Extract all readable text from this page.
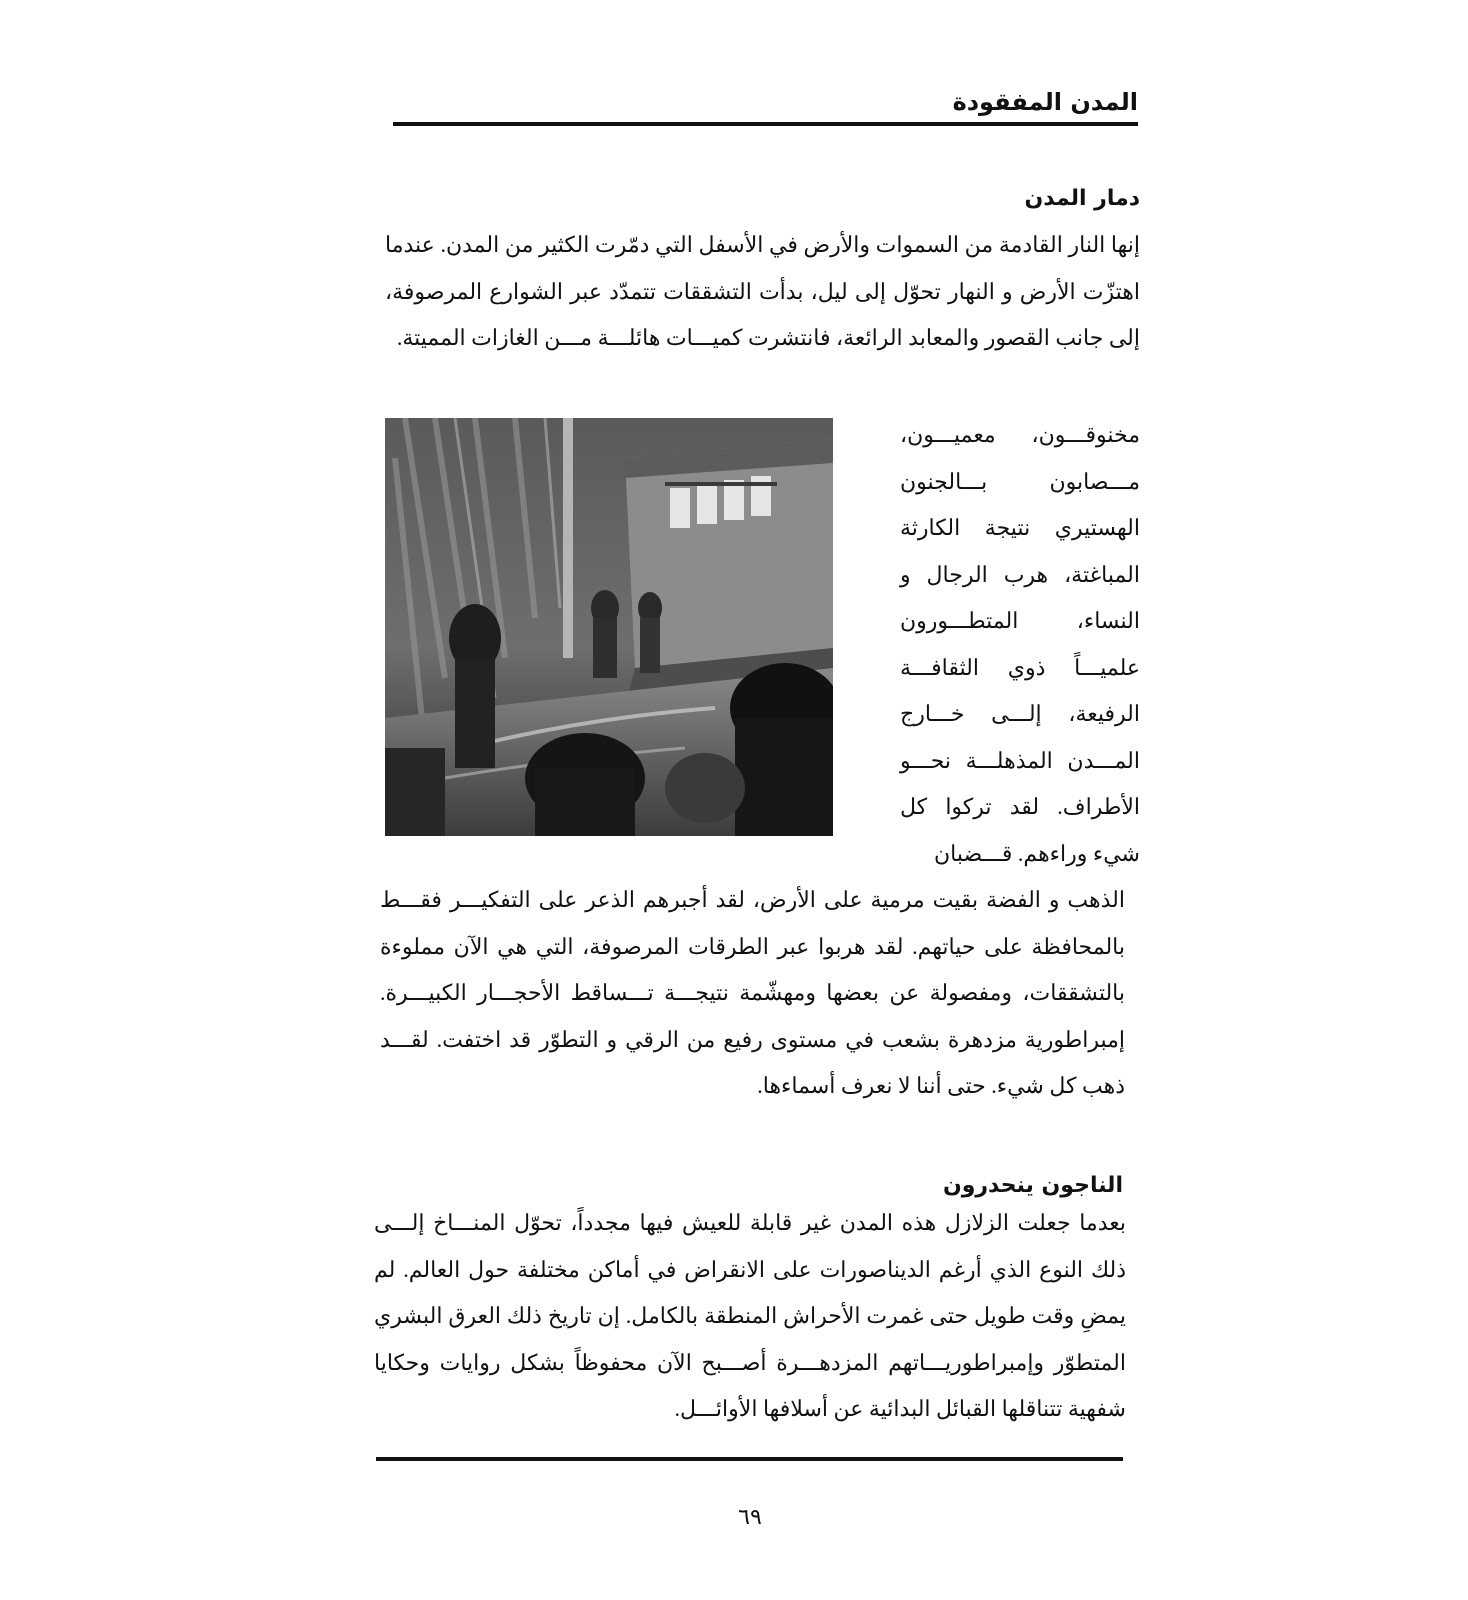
المدن المفقودة
دمار المدن

إنها النار القادمة من السموات والأرض في الأسفل التي دمّرت الكثير من المدن. عندما اهتزّت الأرض و النهار تحوّل إلى ليل، بدأت التشققات تتمدّد عبر الشوارع المرصوفة، إلى جانب القصور والمعابد الرائعة، فانتشرت كميـــات هائلـــة مـــن الغازات المميتة.

مخنوقـــون، معميـــون، مـــصابون بـــالجنون الهستيري نتيجة الكارثة المباغتة، هرب الرجال و النساء، المتطـــورون علميـــاً ذوي الثقافـــة الرفيعة، إلـــى خـــارج المـــدن المذهلـــة نحـــو الأطراف. لقد تركوا كل شيء وراءهم. قـــضبان

الذهب و الفضة بقيت مرمية على الأرض، لقد أجبرهم الذعر على التفكيـــر فقـــط بالمحافظة على حياتهم. لقد هربوا عبر الطرقات المرصوفة، التي هي الآن مملوءة بالتشققات، ومفصولة عن بعضها ومهشّمة نتيجـــة تـــساقط الأحجـــار الكبيـــرة. إمبراطورية مزدهرة بشعب في مستوى رفيع من الرقي و التطوّر قد اختفت. لقـــد ذهب كل شيء. حتى أننا لا نعرف أسماءها.

الناجون ينحدرون

بعدما جعلت الزلازل هذه المدن غير قابلة للعيش فيها مجدداً، تحوّل المنـــاخ إلـــى ذلك النوع الذي أرغم الديناصورات على الانقراض في أماكن مختلفة حول العالم. لم يمضِ وقت طويل حتى غمرت الأحراش المنطقة بالكامل. إن تاريخ ذلك العرق البشري المتطوّر وإمبراطوريـــاتهم المزدهـــرة أصـــبح الآن محفوظاً بشكل روايات وحكايا شفهية تتناقلها القبائل البدائية عن أسلافها الأوائـــل.

٦٩
